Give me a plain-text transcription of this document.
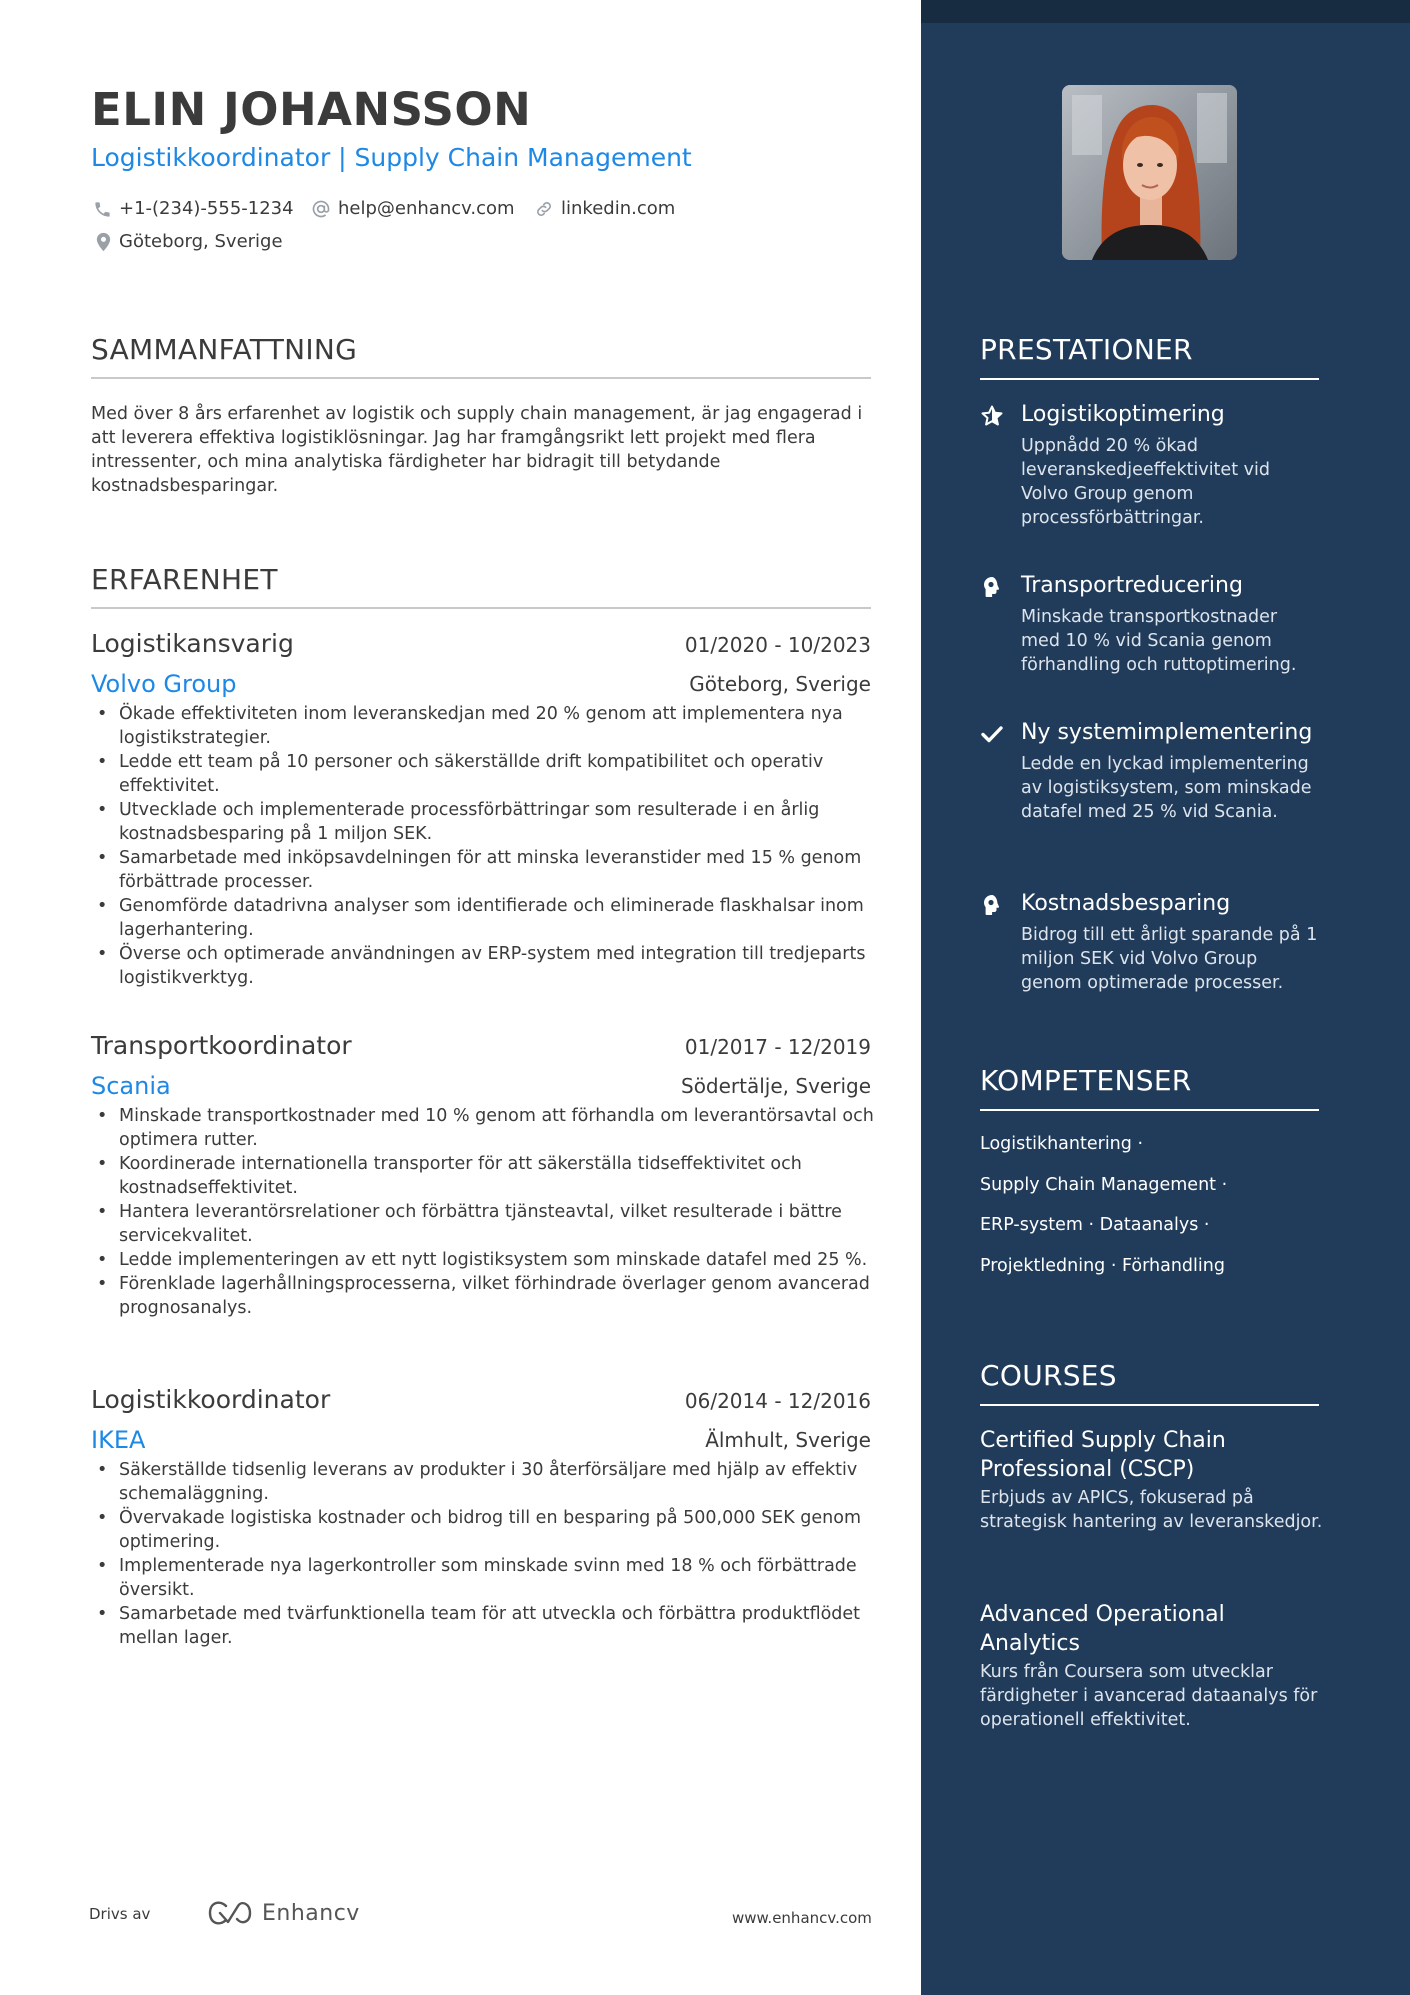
ELIN JOHANSSON
Logistikkoordinator | Supply Chain Management
+1-(234)-555-1234 help@enhancv.com	linkedin.com
Göteborg, Sverige
SAMMANFATTNING
Med över 8 års erfarenhet av logistik och supply chain management, är jag engagerad i att leverera effektiva logistiklösningar. Jag har framgångsrikt lett projekt med flera intressenter, och mina analytiska färdigheter har bidragit till betydande kostnadsbesparingar.
ERFARENHET
Logistikansvarig	01/2020 - 10/2023
Volvo Group	Göteborg, Sverige
• Ökade effektiviteten inom leveranskedjan med 20 % genom att implementera nya logistikstrategier.
• Ledde ett team på 10 personer och säkerställde drift kompatibilitet och operativ effektivitet.
• Utvecklade och implementerade processförbättringar som resulterade i en årlig kostnadsbesparing på 1 miljon SEK.
• Samarbetade med inköpsavdelningen för att minska leveranstider med 15 % genom förbättrade processer.
• Genomförde datadrivna analyser som identifierade och eliminerade flaskhalsar inom lagerhantering.
• Överse och optimerade användningen av ERP-system med integration till tredjeparts logistikverktyg.
Transportkoordinator	01/2017 - 12/2019
Scania	Södertälje, Sverige
• Minskade transportkostnader med 10 % genom att förhandla om leverantörsavtal och optimera rutter.
• Koordinerade internationella transporter för att säkerställa tidseffektivitet och kostnadseffektivitet.
• Hantera leverantörsrelationer och förbättra tjänsteavtal, vilket resulterade i bättre servicekvalitet.
• Ledde implementeringen av ett nytt logistiksystem som minskade datafel med 25 %.
• Förenklade lagerhållningsprocesserna, vilket förhindrade överlager genom avancerad prognosanalys.
Logistikkoordinator	06/2014 - 12/2016
IKEA	Älmhult, Sverige
• Säkerställde tidsenlig leverans av produkter i 30 återförsäljare med hjälp av effektiv schemaläggning.
• Övervakade logistiska kostnader och bidrog till en besparing på 500,000 SEK genom optimering.
• Implementerade nya lagerkontroller som minskade svinn med 18 % och förbättrade översikt.
• Samarbetade med tvärfunktionella team för att utveckla och förbättra produktflödet mellan lager.
Drivs av	Enhancv	www.enhancv.com
PRESTATIONER
Logistikoptimering
Uppnådd 20 % ökad leveranskedjeeffektivitet vid Volvo Group genom processförbättringar.
Transportreducering
Minskade transportkostnader med 10 % vid Scania genom förhandling och ruttoptimering.
Ny systemimplementering
Ledde en lyckad implementering av logistiksystem, som minskade datafel med 25 % vid Scania.
Kostnadsbesparing
Bidrog till ett årligt sparande på 1 miljon SEK vid Volvo Group genom optimerade processer.
KOMPETENSER
Logistikhantering ·
Supply Chain Management ·
ERP-system · Dataanalys ·
Projektledning · Förhandling
COURSES
Certified Supply Chain Professional (CSCP)
Erbjuds av APICS, fokuserad på strategisk hantering av leveranskedjor.
Advanced Operational Analytics
Kurs från Coursera som utvecklar färdigheter i avancerad dataanalys för operationell effektivitet.
